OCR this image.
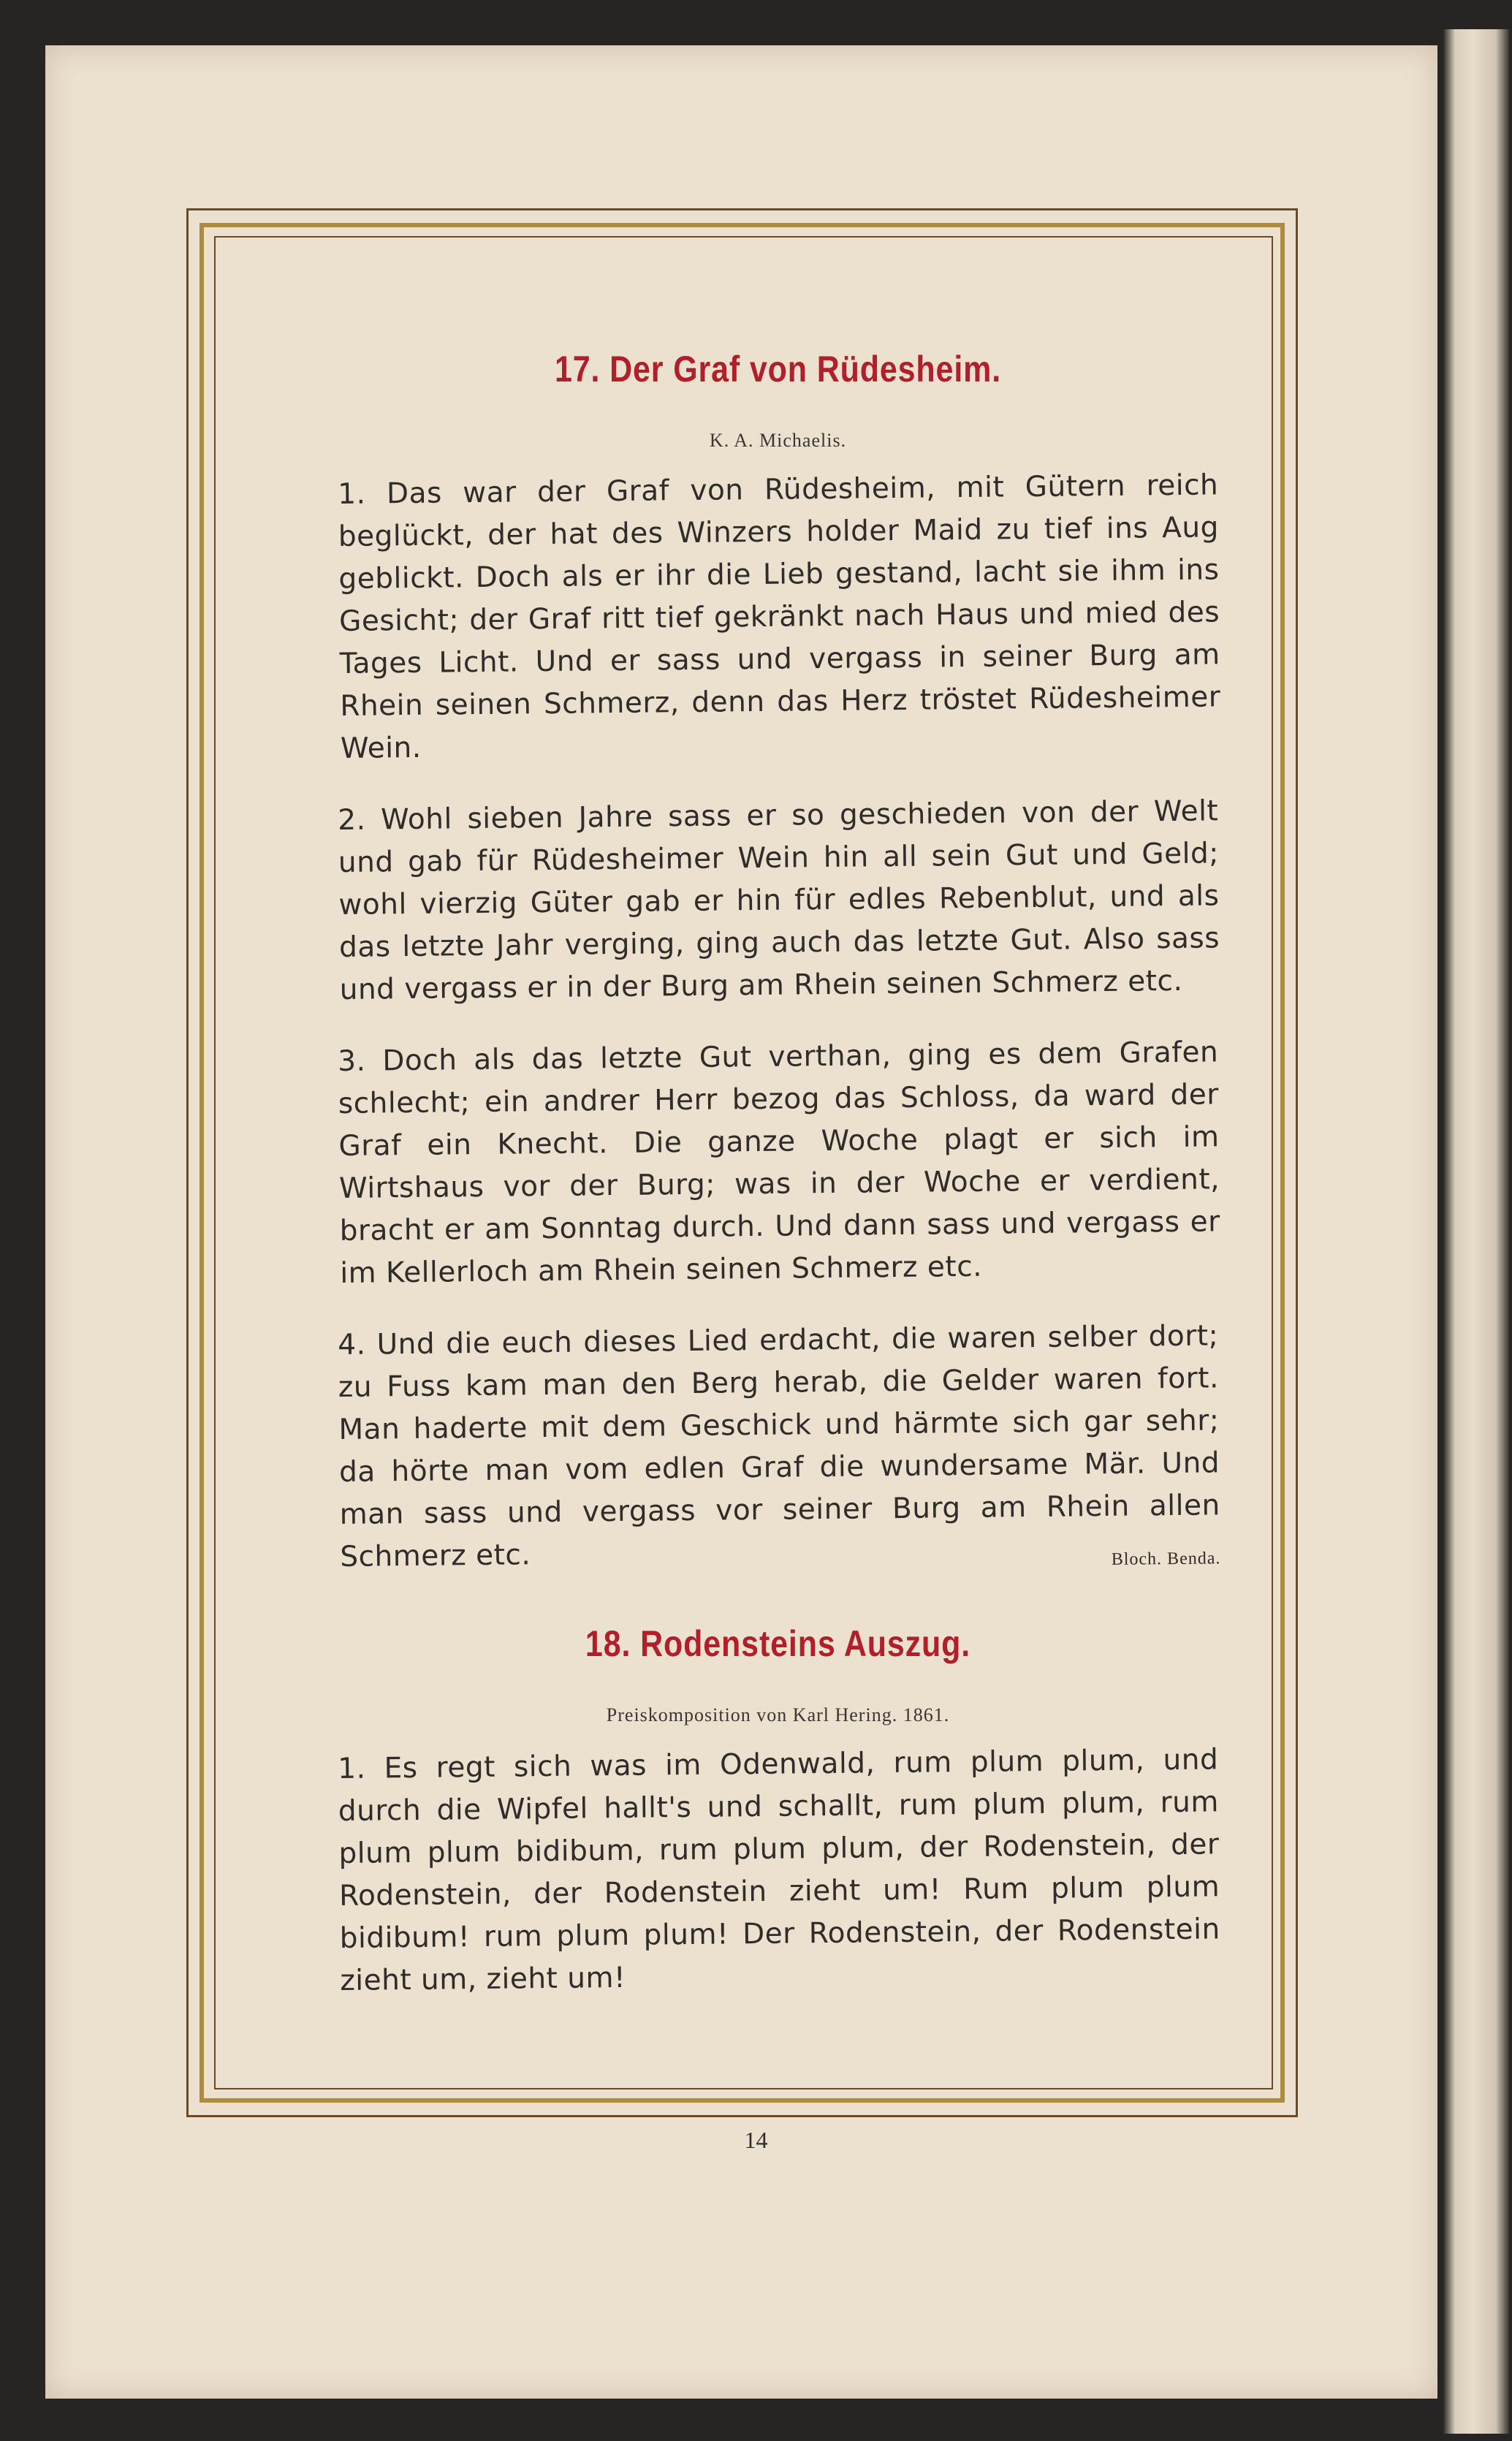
17. Der Graf von Rüdesheim.
K. A. Michaelis.

1. Das war der Graf von Rüdesheim, mit Gütern reich beglückt, der hat des Winzers holder Maid zu tief ins Aug geblickt. Doch als er ihr die Lieb gestand, lacht sie ihm ins Gesicht; der Graf ritt tief gekränkt nach Haus und mied des Tages Licht. Und er sass und vergass in seiner Burg am Rhein seinen Schmerz, denn das Herz tröstet Rüdesheimer Wein.

2. Wohl sieben Jahre sass er so geschieden von der Welt und gab für Rüdesheimer Wein hin all sein Gut und Geld; wohl vierzig Güter gab er hin für edles Rebenblut, und als das letzte Jahr verging, ging auch das letzte Gut. Also sass und vergass er in der Burg am Rhein seinen Schmerz etc.

3. Doch als das letzte Gut verthan, ging es dem Grafen schlecht; ein andrer Herr bezog das Schloss, da ward der Graf ein Knecht. Die ganze Woche plagt er sich im Wirtshaus vor der Burg; was in der Woche er verdient, bracht er am Sonntag durch. Und dann sass und vergass er im Kellerloch am Rhein seinen Schmerz etc.

4. Und die euch dieses Lied erdacht, die waren selber dort; zu Fuss kam man den Berg herab, die Gelder waren fort. Man haderte mit dem Geschick und härmte sich gar sehr; da hörte man vom edlen Graf die wundersame Mär. Und man sass und vergass vor seiner Burg am Rhein allen Schmerz etc.	Bloch. Benda.

18. Rodensteins Auszug.
Preiskomposition von Karl Hering. 1861.

1. Es regt sich was im Odenwald, rum plum plum, und durch die Wipfel hallt's und schallt, rum plum plum, rum plum plum bidibum, rum plum plum, der Rodenstein, der Rodenstein, der Rodenstein zieht um! Rum plum plum bidibum! rum plum plum! Der Rodenstein, der Rodenstein zieht um, zieht um!

14
